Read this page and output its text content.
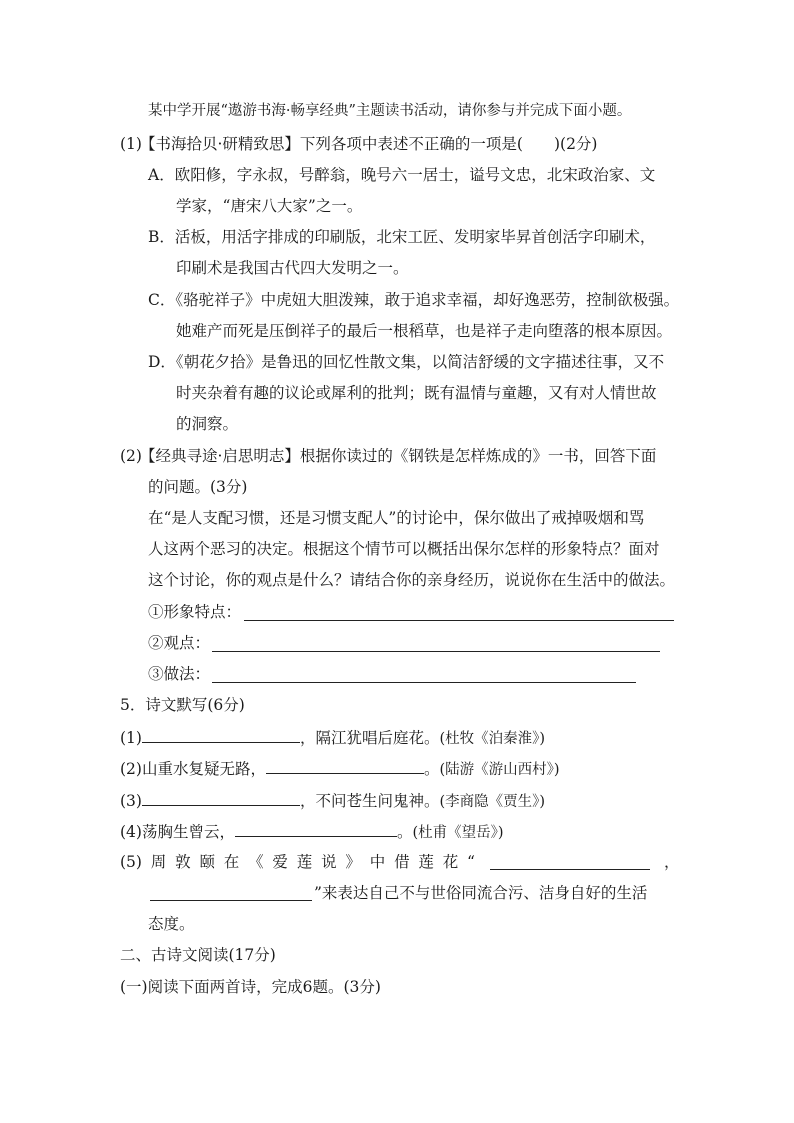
某中学开展“遨游书海·畅享经典”主题读书活动，请你参与并完成下面小题。
(1)
【书海拾贝·研精致思】下列各项中表述不正确的一项是(　　)(2分)
A．欧阳修，字永叔，号醉翁，晚号六一居士，谥号文忠，北宋政治家、文
学家，“唐宋八大家”之一。
B．活板，用活字排成的印刷版，北宋工匠、发明家毕昇首创活字印刷术，
印刷术是我国古代四大发明之一。
C．《骆驼祥子》中虎妞大胆泼辣，敢于追求幸福，却好逸恶劳，控制欲极强。
她难产而死是压倒祥子的最后一根稻草，也是祥子走向堕落的根本原因。
D．《朝花夕拾》是鲁迅的回忆性散文集，以简洁舒缓的文字描述往事，又不
时夹杂着有趣的议论或犀利的批判；既有温情与童趣，又有对人情世故
的洞察。
(2)
【经典寻途·启思明志】根据你读过的《钢铁是怎样炼成的》一书，回答下面
的问题。(3分)
在“是人支配习惯，还是习惯支配人”的讨论中，保尔做出了戒掉吸烟和骂
人这两个恶习的决定。根据这个情节可以概括出保尔怎样的形象特点？面对
这个讨论，你的观点是什么？请结合你的亲身经历，说说你在生活中的做法。
①形象特点：
②观点：
③做法：
5．诗文默写(6分)
(1)	，隔江犹唱后庭花。(杜牧《泊秦淮》)
(2)山重水复疑无路，	。(陆游《游山西村》)
(3)	，不问苍生问鬼神。(李商隐《贾生》)
(4)荡胸生曾云，	。(杜甫《望岳》)
(5) 周 敦 颐 在 《 爱 莲 说 》 中 借 莲 花 “	，
”来表达自己不与世俗同流合污、洁身自好的生活
态度。
二、古诗文阅读(17分)
(一)阅读下面两首诗，完成6题。(3分)
